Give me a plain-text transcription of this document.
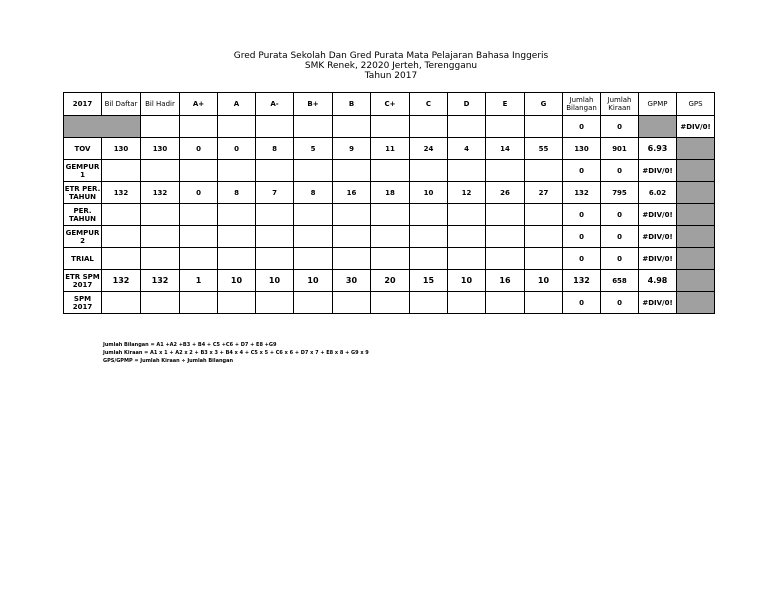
Gred Purata Sekolah Dan Gred Purata Mata Pelajaran Bahasa Inggeris
SMK Renek, 22020 Jerteh, Terengganu
Tahun 2017
2017	Bil Daftar	Bil Hadir	A+	A	A-	B+	B	C+	C	D	E	G	Jumlah Bilangan	Jumlah Kiraan	GPMP	GPS
													0	0		#DIV/0!
TOV	130	130	0	0	8	5	9	11	24	4	14	55	130	901	6.93	
GEMPUR 1													0	0	#DIV/0!	
ETR PER. TAHUN	132	132	0	8	7	8	16	18	10	12	26	27	132	795	6.02	
PER. TAHUN													0	0	#DIV/0!	
GEMPUR 2													0	0	#DIV/0!	
TRIAL													0	0	#DIV/0!	
ETR SPM 2017	132	132	1	10	10	10	30	20	15	10	16	10	132	658	4.98	
SPM 2017													0	0	#DIV/0!	
Jumlah Bilangan = A1 +A2 +B3 + B4 + C5 +C6 + D7 + E8 +G9
Jumlah Kiraan = A1 x 1 + A2 x 2 + B3 x 3 + B4 x 4 + C5 x 5 + C6 x 6 + D7 x 7 + E8 x 8 + G9 x 9
GPS/GPMP = Jumlah Kiraan ÷ Jumlah Bilangan
